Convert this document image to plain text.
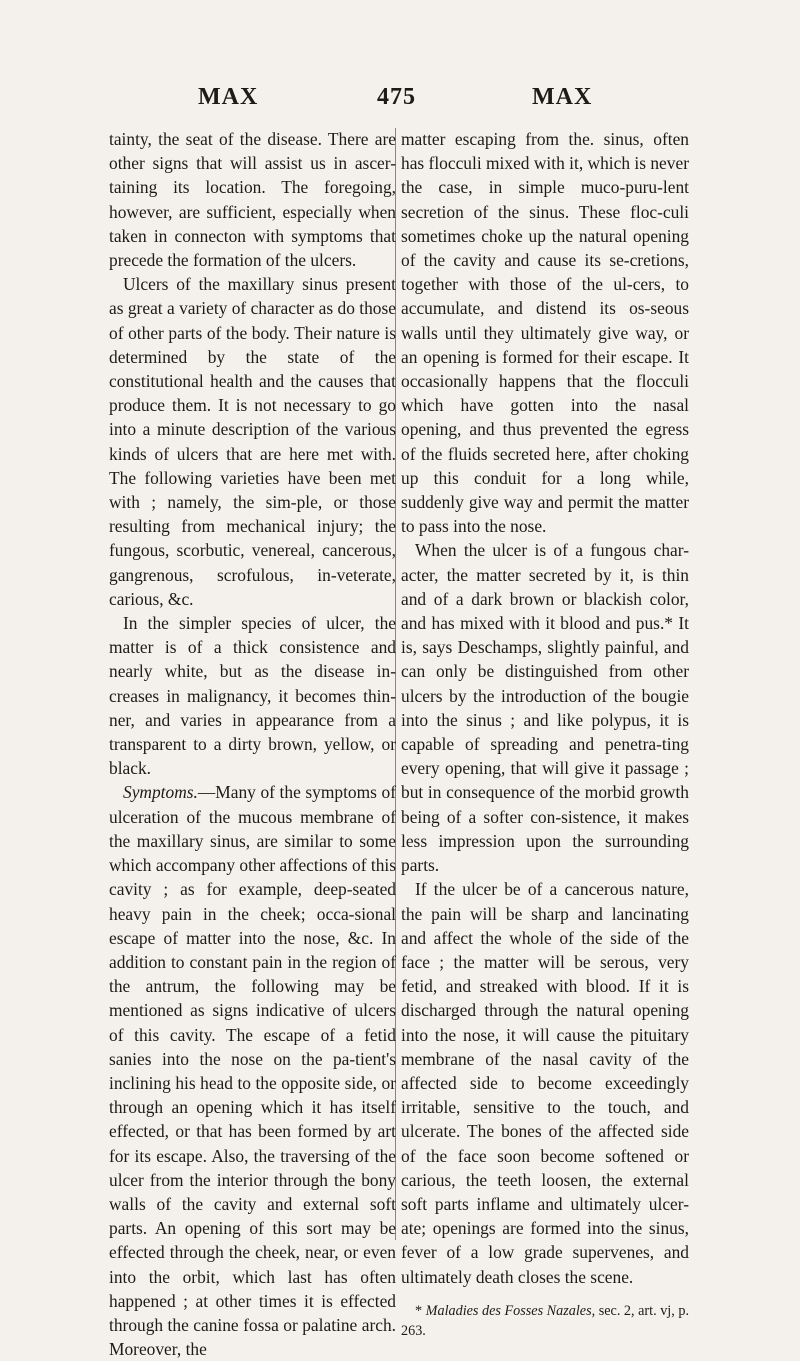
MAX	475	MAX

tainty, the seat of the disease. There are other signs that will assist us in ascer-taining its location. The foregoing, however, are sufficient, especially when taken in connecton with symptoms that precede the formation of the ulcers.

Ulcers of the maxillary sinus present as great a variety of character as do those of other parts of the body. Their nature is determined by the state of the constitutional health and the causes that produce them. It is not necessary to go into a minute description of the various kinds of ulcers that are here met with. The following varieties have been met with ; namely, the sim-ple, or those resulting from mechanical injury; the fungous, scorbutic, venereal, cancerous, gangrenous, scrofulous, in-veterate, carious, &c.

In the simpler species of ulcer, the matter is of a thick consistence and nearly white, but as the disease in-creases in malignancy, it becomes thin-ner, and varies in appearance from a transparent to a dirty brown, yellow, or black.

Symptoms.—Many of the symptoms of ulceration of the mucous membrane of the maxillary sinus, are similar to some which accompany other affections of this cavity ; as for example, deep-seated heavy pain in the cheek; occa-sional escape of matter into the nose, &c. In addition to constant pain in the region of the antrum, the following may be mentioned as signs indicative of ulcers of this cavity. The escape of a fetid sanies into the nose on the pa-tient's inclining his head to the opposite side, or through an opening which it has itself effected, or that has been formed by art for its escape. Also, the traversing of the ulcer from the interior through the bony walls of the cavity and external soft parts. An opening of this sort may be effected through the cheek, near, or even into the orbit, which last has often happened ; at other times it is effected through the canine fossa or palatine arch. Moreover, the

matter escaping from the. sinus, often has flocculi mixed with it, which is never the case, in simple muco-puru-lent secretion of the sinus. These floc-culi sometimes choke up the natural opening of the cavity and cause its se-cretions, together with those of the ul-cers, to accumulate, and distend its os-seous walls until they ultimately give way, or an opening is formed for their escape. It occasionally happens that the flocculi which have gotten into the nasal opening, and thus prevented the egress of the fluids secreted here, after choking up this conduit for a long while, suddenly give way and permit the matter to pass into the nose.

When the ulcer is of a fungous char-acter, the matter secreted by it, is thin and of a dark brown or blackish color, and has mixed with it blood and pus.* It is, says Deschamps, slightly painful, and can only be distinguished from other ulcers by the introduction of the bougie into the sinus ; and like polypus, it is capable of spreading and penetra-ting every opening, that will give it passage ; but in consequence of the morbid growth being of a softer con-sistence, it makes less impression upon the surrounding parts.

If the ulcer be of a cancerous nature, the pain will be sharp and lancinating and affect the whole of the side of the face ; the matter will be serous, very fetid, and streaked with blood. If it is discharged through the natural opening into the nose, it will cause the pituitary membrane of the nasal cavity of the affected side to become exceedingly irritable, sensitive to the touch, and ulcerate. The bones of the affected side of the face soon become softened or carious, the teeth loosen, the external soft parts inflame and ultimately ulcer-ate; openings are formed into the sinus, fever of a low grade supervenes, and ultimately death closes the scene.

* Maladies des Fosses Nazales, sec. 2, art. vj, p. 263.
